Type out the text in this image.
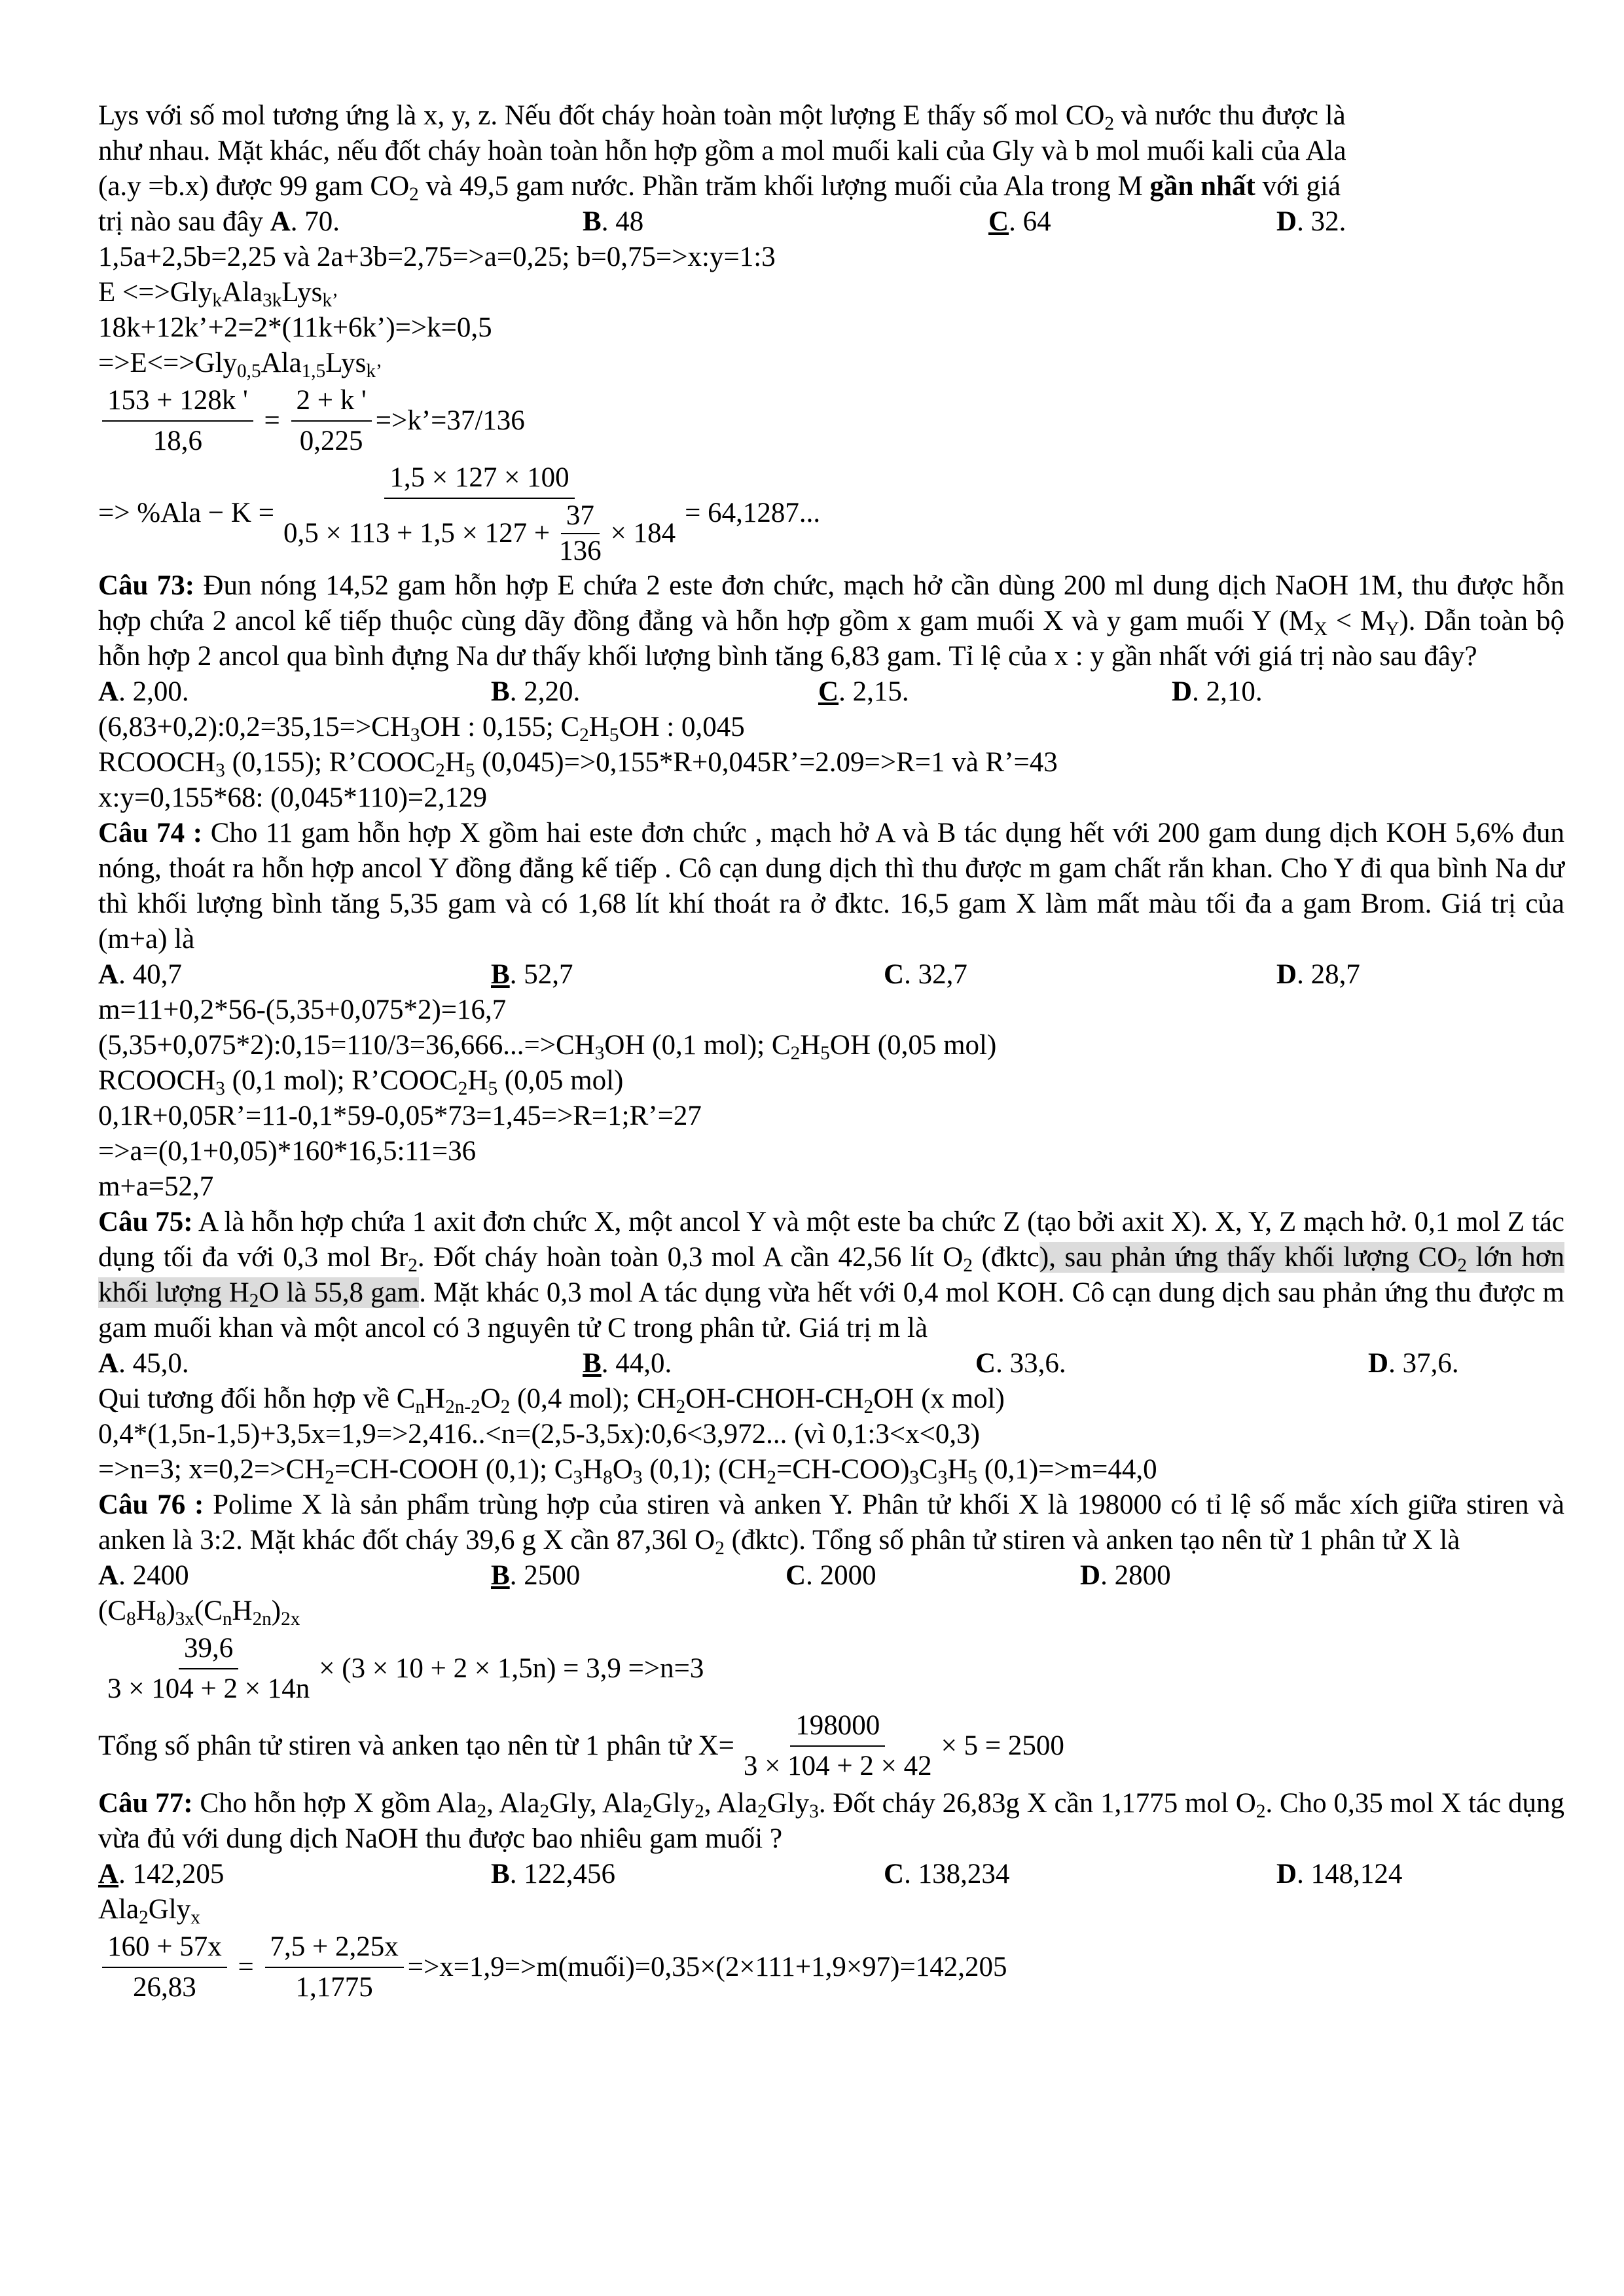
Lys với số mol tương ứng là x, y, z. Nếu đốt cháy hoàn toàn một lượng E thấy số mol $CO_2$ và nước thu được là
như nhau. Mặt khác, nếu đốt cháy hoàn toàn hỗn hợp gồm a mol muối kali của Gly và b mol muối kali của Ala
(a.y =b.x) được 99 gam $CO_2$ và 49,5 gam nước. Phần trăm khối lượng muối của Ala trong M gần nhất với giá

trị nào sau đây A. 70.

	B. 48

	C. 64

	D. 32.

1,5a+2,5b=2,25 và 2a+3b=2,75=>a=0,25; b=0,75=>x:y=1:3
E <=>Gly$_k$Ala$_{3k}$Lys$_{k’}$
18k+12k’+2=2*(11k+6k’)=>k=0,5
=>E<=>Gly$_{0,5}$Ala$_{1,5}$Lys$_{k’}$
$\frac{153 + 128k '}{18,6} = \frac{2 + k '}{0,225}$ =>k’=37/136
=> $\%Ala - K = \frac{1,5 \times 127 \times 100}{0,5 \times 113 + 1,5 \times 127 + \frac{37}{136} \times 184} = 64,1287$...
Câu 73: Đun nóng 14,52 gam hỗn hợp E chứa 2 este đơn chức, mạch hở cần dùng 200 ml dung dịch NaOH 1M, thu được hỗn hợp chứa 2 ancol kế tiếp thuộc cùng dãy đồng đẳng và hỗn hợp gồm x gam muối X và y gam muối Y $(M_X < M_Y)$. Dẫn toàn bộ hỗn hợp 2 ancol qua bình đựng Na dư thấy khối lượng bình tăng 6,83 gam. Tỉ lệ của x : y gần nhất với giá trị nào sau đây?

A. 2,00.

	B. 2,20.

	C. 2,15.

	D. 2,10.

$(6,83+0,2):0,2=35,15=>CH_3OH$ : 0,155; $C_2H_5OH$ : 0,045
$RCOOCH_3$ (0,155); $R’COOC_2H_5$ (0,045)=>0,155*R+0,045R’=2.09=>R=1 và R’=43
x:y=0,155*68: (0,045*110)=2,129
Câu 74 : Cho 11 gam hỗn hợp X gồm hai este đơn chức , mạch hở A và B tác dụng hết với 200 gam dung dịch KOH 5,6% đun nóng, thoát ra hỗn hợp ancol Y đồng đẳng kế tiếp . Cô cạn dung dịch thì thu được m gam chất rắn khan. Cho Y đi qua bình Na dư thì khối lượng bình tăng 5,35 gam và có 1,68 lít khí thoát ra ở đktc. 16,5 gam X làm mất màu tối đa a gam Brom. Giá trị của (m+a) là

A. 40,7

	B. 52,7

	C. 32,7

	D. 28,7

m=11+0,2*56-(5,35+0,075*2)=16,7
$(5,35+0,075*2):0,15=110/3=36,666...=>CH_3OH$ (0,1 mol); $C_2H_5OH$ (0,05 mol)
$RCOOCH_3$ (0,1 mol); $R’COOC_2H_5$ (0,05 mol)
0,1R+0,05R’=11-0,1*59-0,05*73=1,45=>R=1;R’=27
=>a=(0,1+0,05)*160*16,5:11=36
m+a=52,7
Câu 75: A là hỗn hợp chứa 1 axit đơn chức X, một ancol Y và một este ba chức Z (tạo bởi axit X). X, Y, Z mạch hở. 0,1 mol Z tác dụng tối đa với 0,3 mol $Br_2$. Đốt cháy hoàn toàn 0,3 mol A cần 42,56 lít $O_2$ (đktc), sau phản ứng thấy khối lượng $CO_2$ lớn hơn khối lượng $H_2O$ là 55,8 gam. Mặt khác 0,3 mol A tác dụng vừa hết với 0,4 mol KOH. Cô cạn dung dịch sau phản ứng thu được m gam muối khan và một ancol có 3 nguyên tử C trong phân tử. Giá trị m là

A. 45,0.

	B. 44,0.

	C. 33,6.

	D. 37,6.

Qui tương đối hỗn hợp về $C_nH_{2n-2}O_2$ (0,4 mol); $CH_2OH-CHOH-CH_2OH$ (x mol)
0,4*(1,5n-1,5)+3,5x=1,9=>2,416..<n=(2,5-3,5x):0,6<3,972... (vì 0,1:3<x<0,3)
=>n=3; $x=0,2=>CH_2=CH$-COOH (0,1); $C_3H_8O_3$ (0,1); $(CH_2=CH-COO)_3C_3H_5$ (0,1)=>m=44,0
Câu 76 : Polime X là sản phẩm trùng hợp của stiren và anken Y. Phân tử khối X là 198000 có tỉ lệ số mắc xích giữa stiren và anken là 3:2. Mặt khác đốt cháy 39,6 g X cần 87,36l $O_2$ (đktc). Tổng số phân tử stiren và anken tạo nên từ 1 phân tử X là

A. 2400

	B. 2500

	C. 2000

	D. 2800

$(C_8H_8)_{3x}(C_nH_{2n})_{2x}$
$\frac{39,6}{3 \times 104 + 2 \times 14n} \times (3 \times 10 + 2 \times 1,5n) = 3,9 =>n=3$
Tổng số phân tử stiren và anken tạo nên từ 1 phân tử $X= \frac{198000}{3 \times 104 + 2 \times 42} \times 5 = 2500$
Câu 77: Cho hỗn hợp X gồm Ala$_2$, Ala$_2$Gly, Ala$_2$Gly$_2$, Ala$_2$Gly$_3$. Đốt cháy 26,83g X cần 1,1775 mol $O_2$. Cho 0,35 mol X tác dụng vừa đủ với dung dịch NaOH thu được bao nhiêu gam muối ?

A. 142,205

	B. 122,456

	C. 138,234

	D. 148,124

Ala$_2$Gly$_x$
$\frac{160 + 57x}{26,83} = \frac{7,5 + 2,25x}{1,1775}$ =>x=1,9=>m(muối)=0,35×(2×111+1,9×97)=142,205
